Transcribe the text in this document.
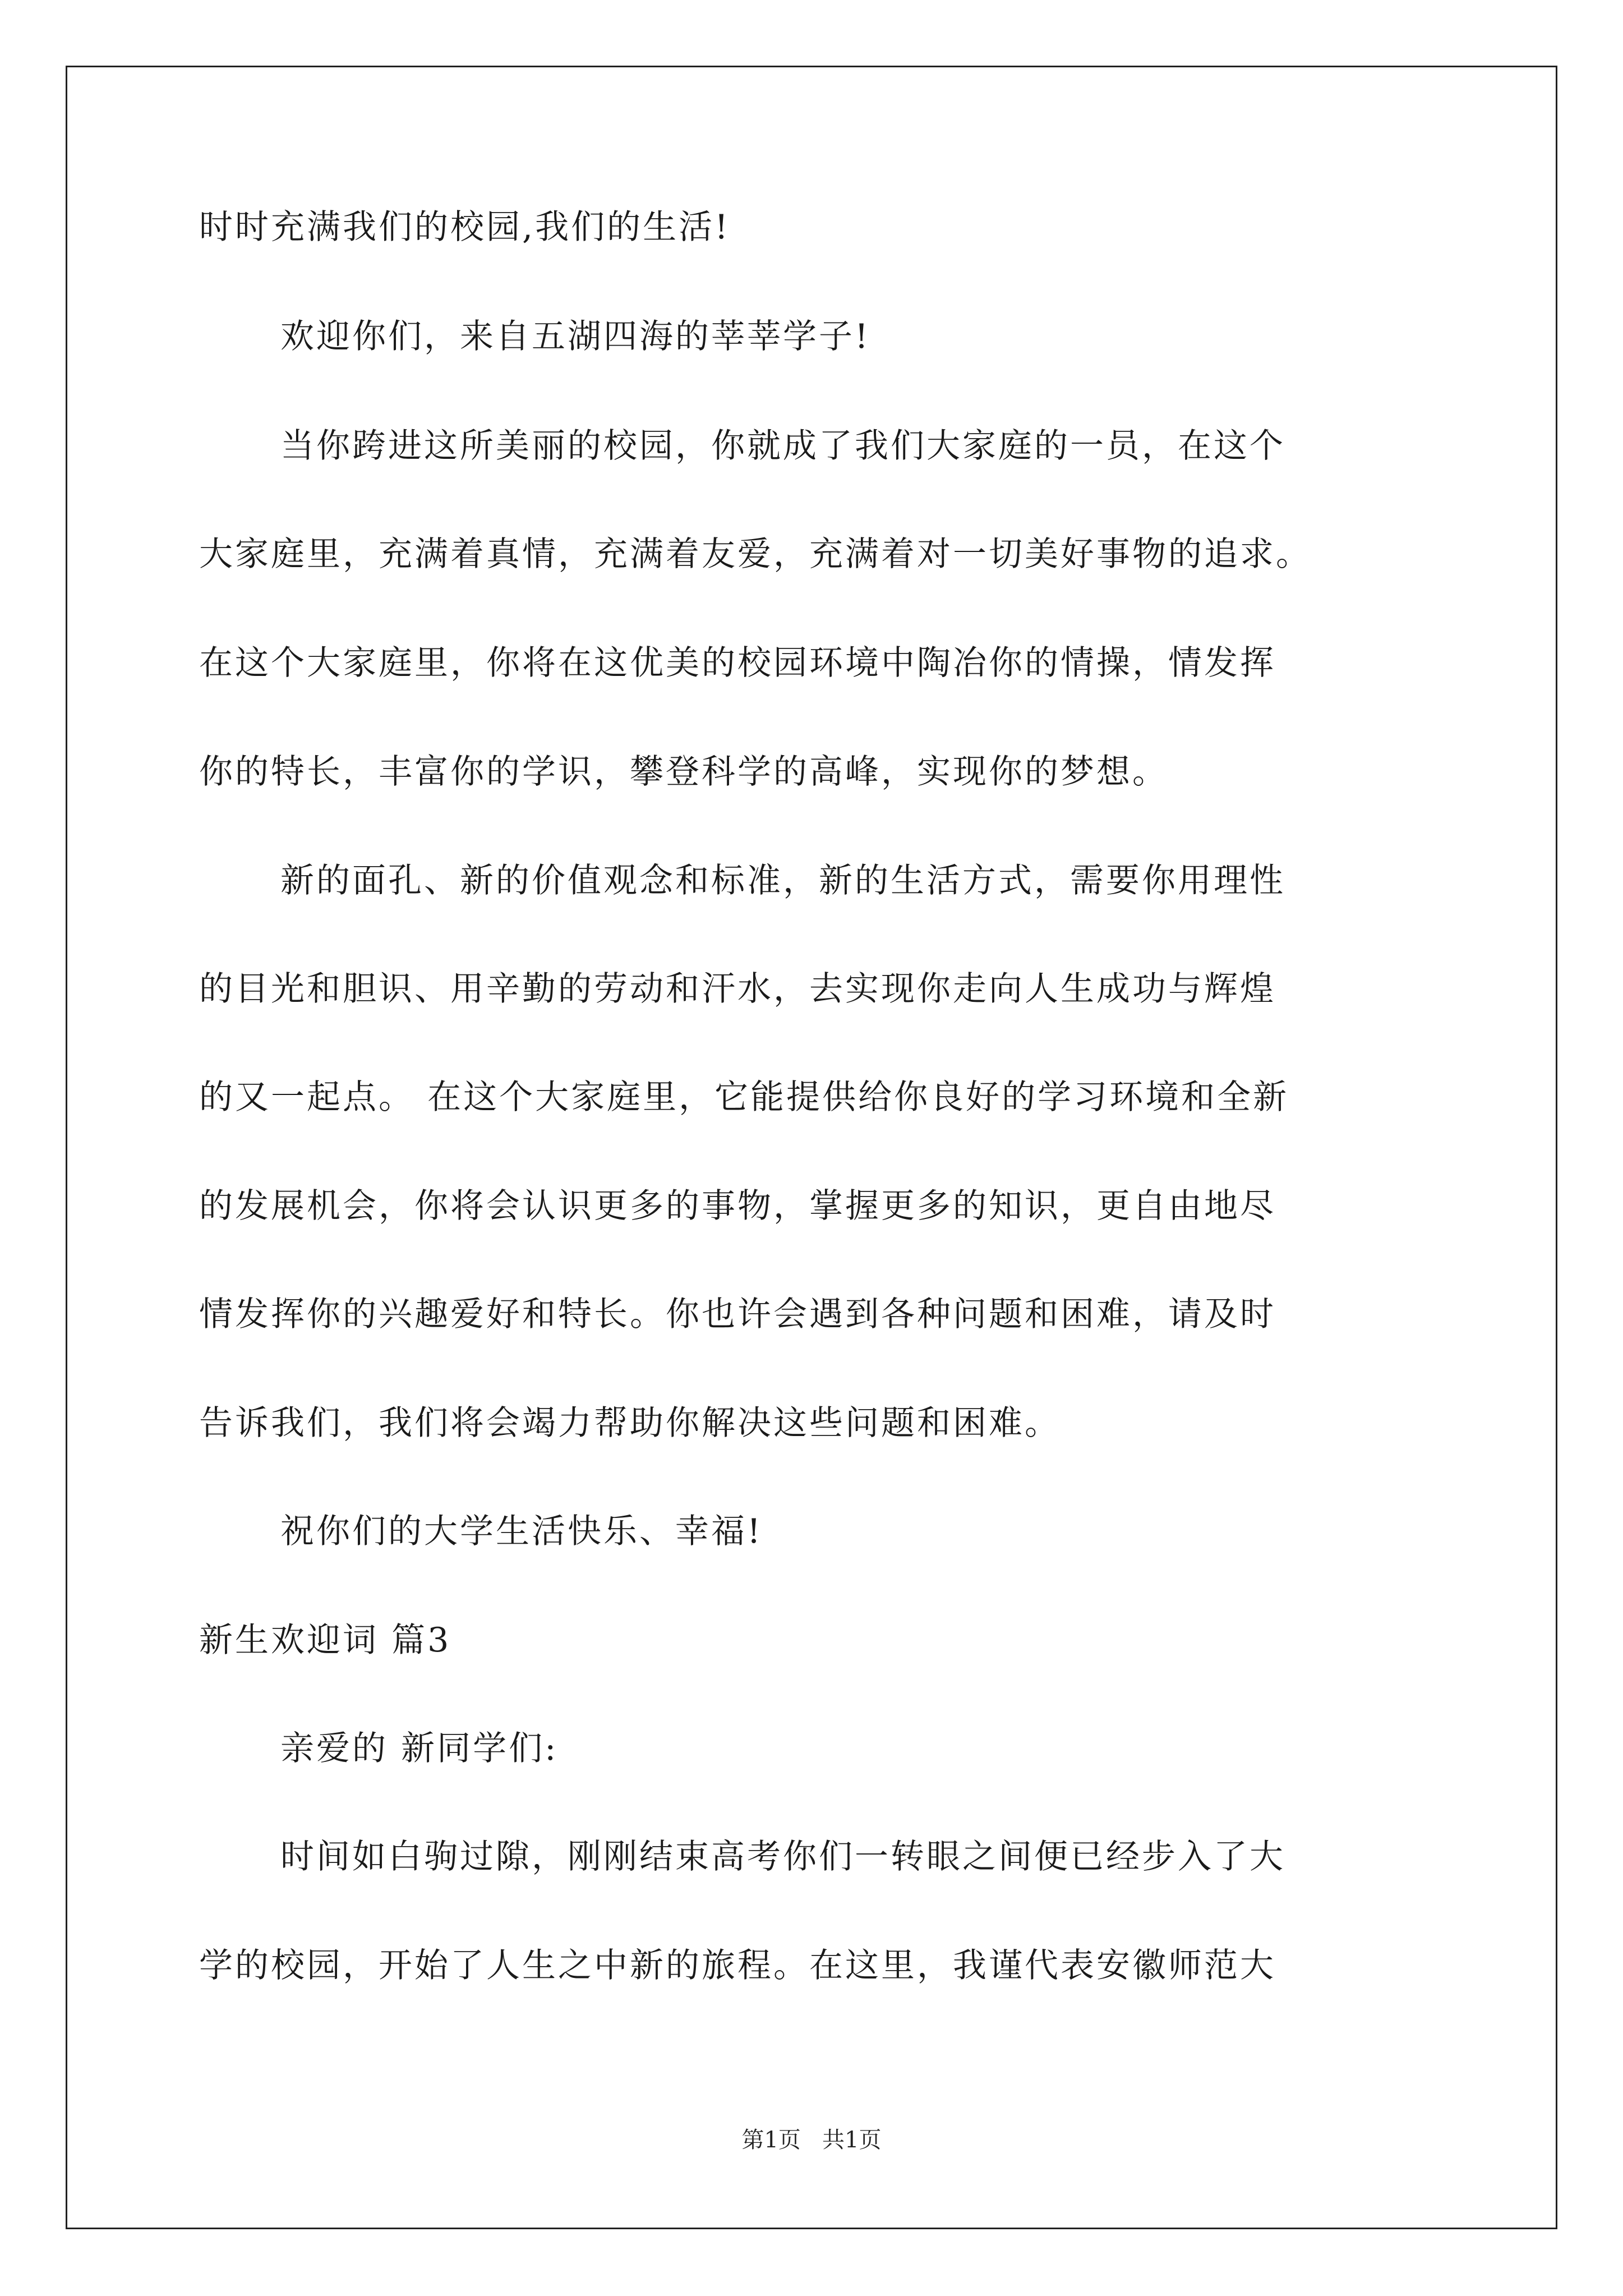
时时充满我们的校园,我们的生活!
欢迎你们，来自五湖四海的莘莘学子!
当你跨进这所美丽的校园，你就成了我们大家庭的一员，在这个
大家庭里，充满着真情，充满着友爱，充满着对一切美好事物的追求。
在这个大家庭里，你将在这优美的校园环境中陶冶你的情操，情发挥
你的特长，丰富你的学识，攀登科学的高峰，实现你的梦想。
新的面孔、新的价值观念和标准，新的生活方式，需要你用理性
的目光和胆识、用辛勤的劳动和汗水，去实现你走向人生成功与辉煌
的又一起点。 在这个大家庭里，它能提供给你良好的学习环境和全新
的发展机会，你将会认识更多的事物，掌握更多的知识，更自由地尽
情发挥你的兴趣爱好和特长。你也许会遇到各种问题和困难，请及时
告诉我们，我们将会竭力帮助你解决这些问题和困难。
祝你们的大学生活快乐、幸福!
新生欢迎词 篇3
亲爱的 新同学们:
时间如白驹过隙，刚刚结束高考你们一转眼之间便已经步入了大
学的校园，开始了人生之中新的旅程。在这里，我谨代表安徽师范大
第1页   共1页
